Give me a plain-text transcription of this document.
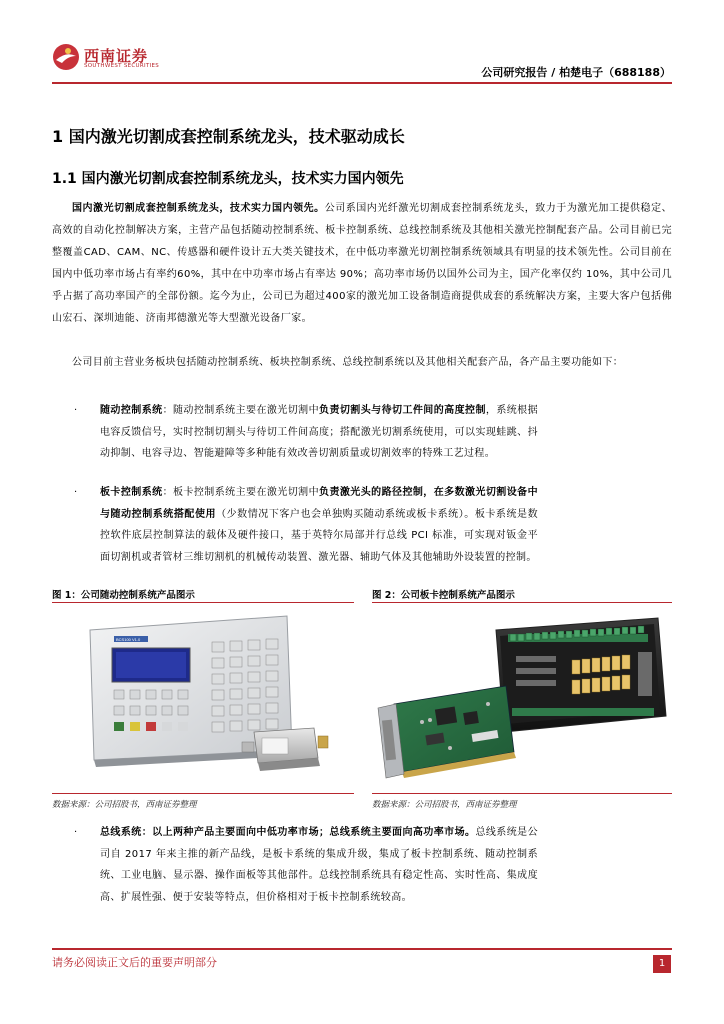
西南证券
SOUTHWEST SECURITIES	公司研究报告 / 柏楚电子（688188）
1 国内激光切割成套控制系统龙头，技术驱动成长
1.1 国内激光切割成套控制系统龙头，技术实力国内领先
国内激光切割成套控制系统龙头，技术实力国内领先。公司系国内光纤激光切割成套控制系统龙头，致力于为激光加工提供稳定、高效的自动化控制解决方案，主营产品包括随动控制系统、板卡控制系统、总线控制系统及其他相关激光控制配套产品。公司目前已完整覆盖CAD、CAM、NC、传感器和硬件设计五大类关键技术，在中低功率激光切割控制系统领域具有明显的技术领先性。公司目前在国内中低功率市场占有率约60%，其中在中功率市场占有率达 90%；高功率市场仍以国外公司为主，国产化率仅约 10%，其中公司几乎占据了高功率国产的全部份额。迄今为止，公司已为超过400家的激光加工设备制造商提供成套的系统解决方案，主要大客户包括佛山宏石、深圳迪能、济南邦德激光等大型激光设备厂家。
公司目前主营业务板块包括随动控制系统、板块控制系统、总线控制系统以及其他相关配套产品，各产品主要功能如下：
· 随动控制系统：随动控制系统主要在激光切割中负责切割头与待切工件间的高度控制，系统根据电容反馈信号，实时控制切割头与待切工件间高度；搭配激光切割系统使用，可以实现蛙跳、抖动抑制、电容寻边、智能避障等多种能有效改善切割质量或切割效率的特殊工艺过程。
· 板卡控制系统：板卡控制系统主要在激光切割中负责激光头的路径控制，在多数激光切割设备中与随动控制系统搭配使用（少数情况下客户也会单独购买随动系统或板卡系统）。板卡系统是数控软件底层控制算法的载体及硬件接口，基于英特尔局部并行总线 PCI 标准，可实现对钣金平面切割机或者管材三维切割机的机械传动装置、激光器、辅助气体及其他辅助外设装置的控制。
图 1：公司随动控制系统产品图示
BCS100 V1.0
数据来源：公司招股书，西南证券整理
图 2：公司板卡控制系统产品图示
数据来源：公司招股书，西南证券整理
· 总线系统：以上两种产品主要面向中低功率市场；总线系统主要面向高功率市场。总线系统是公司自 2017 年来主推的新产品线，是板卡系统的集成升级，集成了板卡控制系统、随动控制系统、工业电脑、显示器、操作面板等其他部件。总线控制系统具有稳定性高、实时性高、集成度高、扩展性强、便于安装等特点，但价格相对于板卡控制系统较高。
请务必阅读正文后的重要声明部分	1
